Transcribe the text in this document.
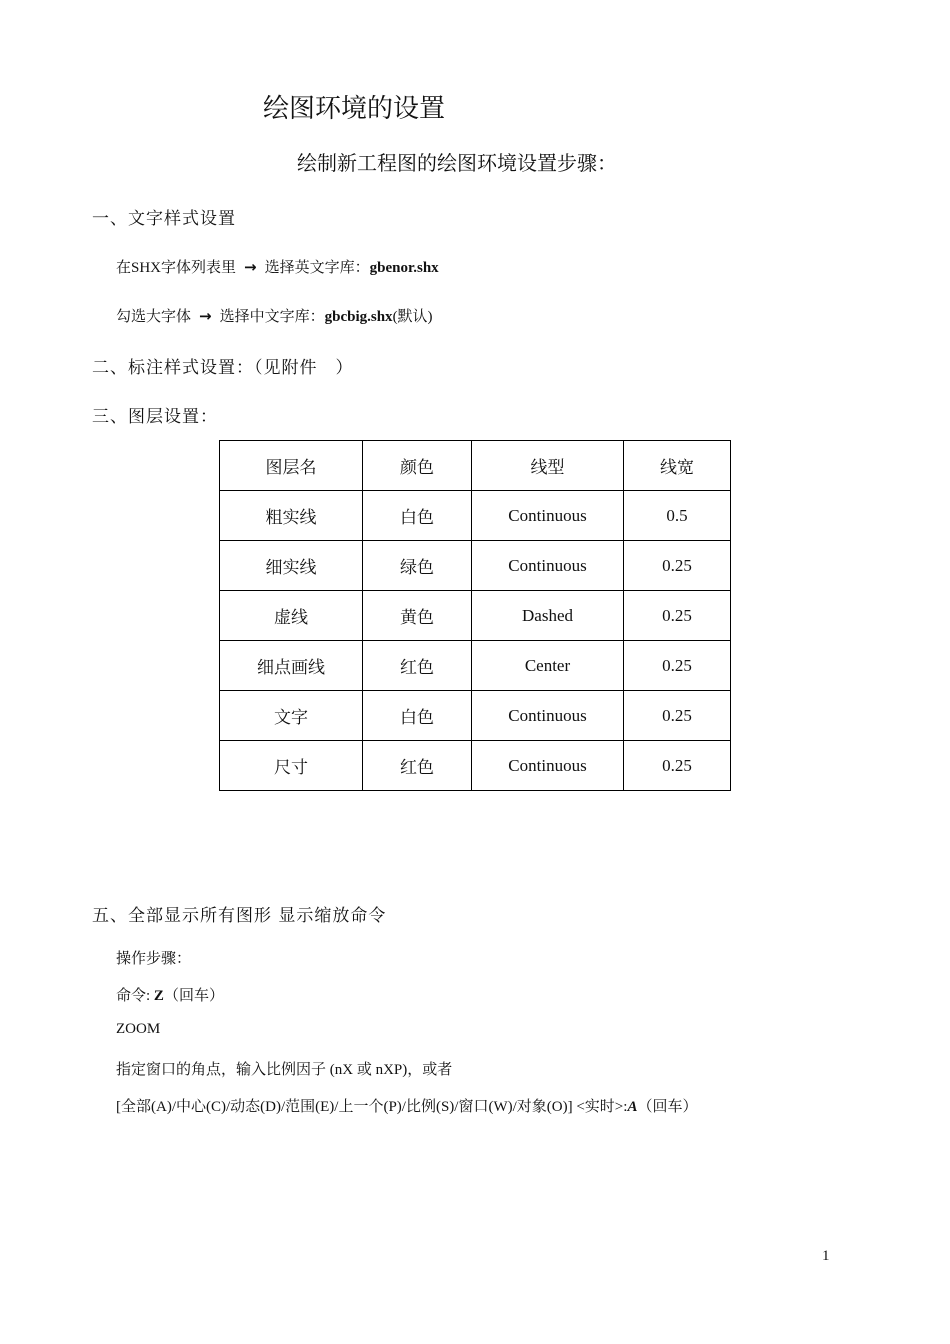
绘图环境的设置
绘制新工程图的绘图环境设置步骤：
一、文字样式设置
在SHX字体列表里 → 选择英文字库：gbenor.shx
勾选大字体 → 选择中文字库：gbcbig.shx(默认)
二、标注样式设置：（见附件　）
三、图层设置：
图层名	颜色	线型	线宽
粗实线	白色	Continuous	0.5
细实线	绿色	Continuous	0.25
虚线	黄色	Dashed	0.25
细点画线	红色	Center	0.25
文字	白色	Continuous	0.25
尺寸	红色	Continuous	0.25
五、全部显示所有图形 显示缩放命令
操作步骤：
命令: Z（回车）
ZOOM
指定窗口的角点，输入比例因子 (nX 或 nXP)，或者
[全部(A)/中心(C)/动态(D)/范围(E)/上一个(P)/比例(S)/窗口(W)/对象(O)] <实时>:A（回车）
1
